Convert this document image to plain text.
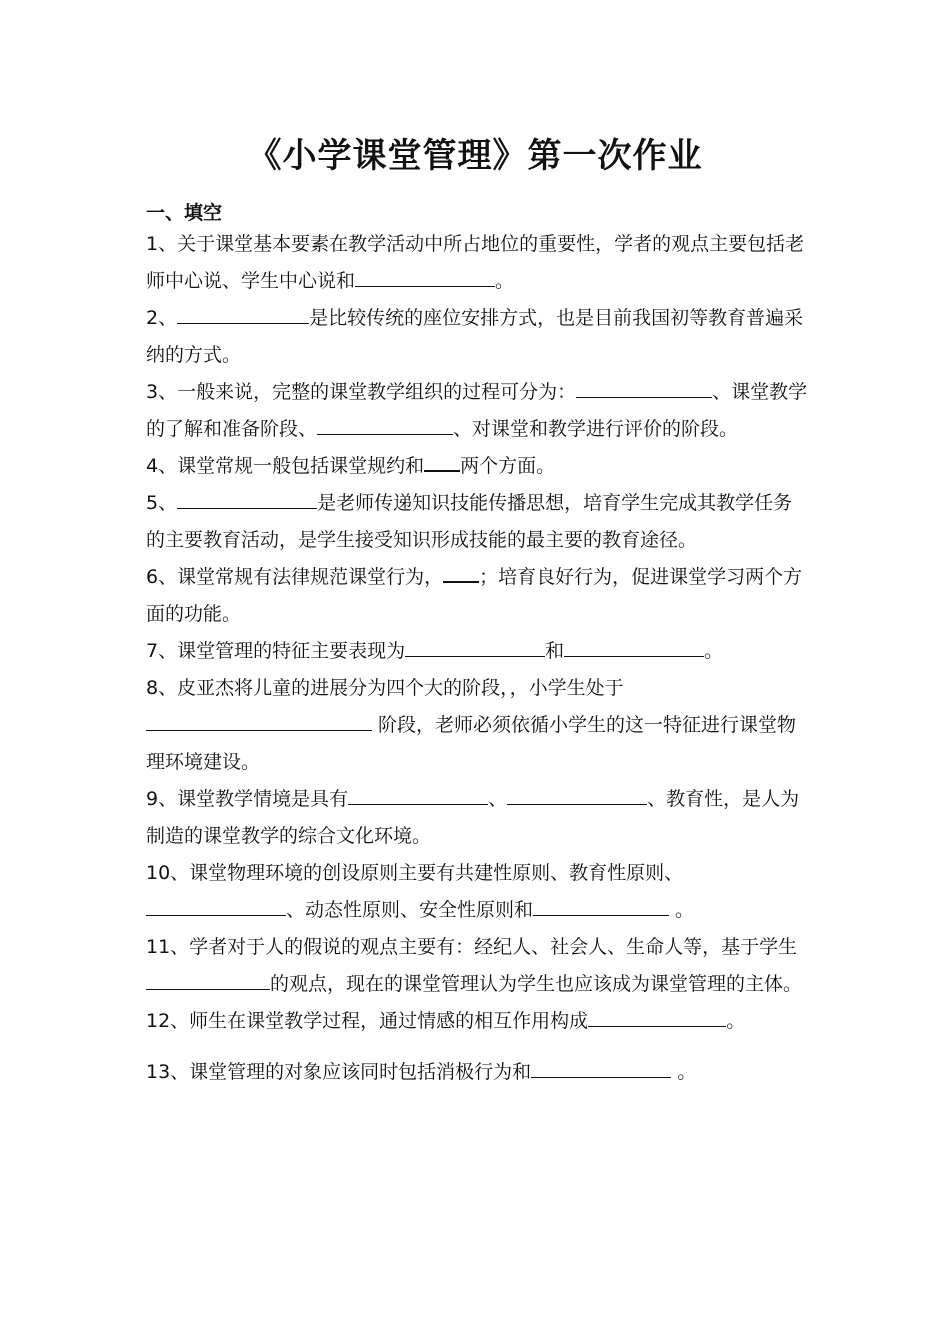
《小学课堂管理》第一次作业
一、填空

1、关于课堂基本要素在教学活动中所占地位的重要性，学者的观点主要包括老师中心说、学生中心说和	。

2、	是比较传统的座位安排方式，也是目前我国初等教育普遍采纳的方式。

3、一般来说，完整的课堂教学组织的过程可分为：	、课堂教学的了解和准备阶段、	、对课堂和教学进行评价的阶段。

4、课堂常规一般包括课堂规约和 两个方面。

5、	是老师传递知识技能传播思想，培育学生完成其教学任务的主要教育活动，是学生接受知识形成技能的最主要的教育途径。

6、课堂常规有法律规范课堂行为， ；培育良好行为，促进课堂学习两个方面的功能。

7、课堂管理的特征主要表现为	和	。

8、皮亚杰将儿童的进展分为四个大的阶段，，小学生处于 阶段，老师必须依循小学生的这一特征进行课堂物理环境建设。

9、课堂教学情境是具有	、	、教育性，是人为制造的课堂教学的综合文化环境。

10、课堂物理环境的创设原则主要有共建性原则、教育性原则、、动态性原则、安全性原则和	。

11、学者对于人的假说的观点主要有：经纪人、社会人、生命人等，基于学生的观点，现在的课堂管理认为学生也应该成为课堂管理的主体。

12、师生在课堂教学过程，通过情感的相互作用构成	。

13、课堂管理的对象应该同时包括消极行为和	。
